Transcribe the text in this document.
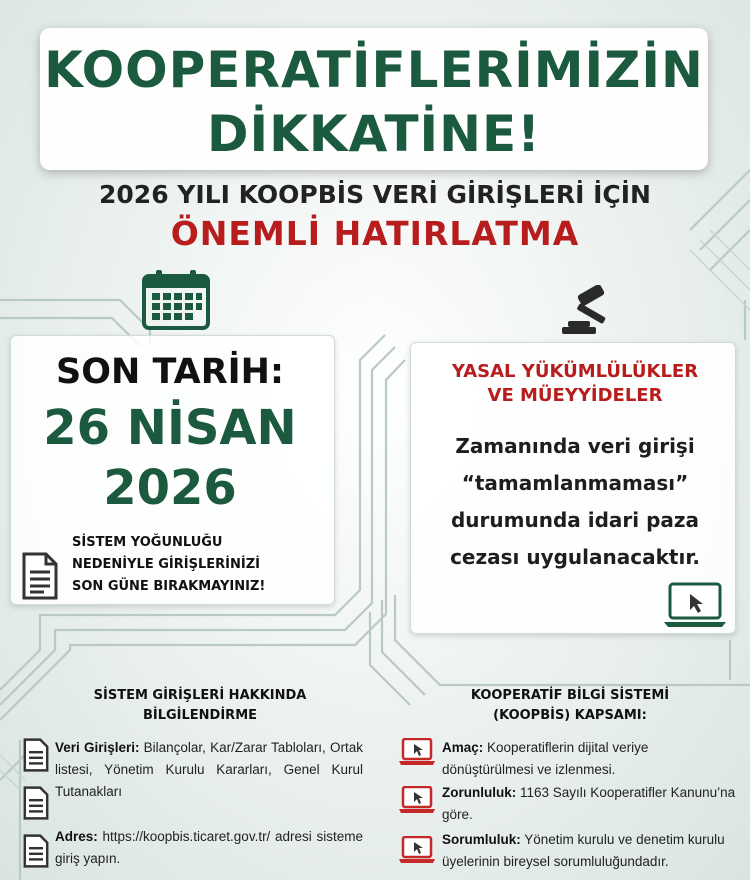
KOOPERATİFLERİMİZİN
DİKKATİNE!
2026 YILI KOOPBİS VERİ GİRİŞLERİ İÇİN
ÖNEMLİ HATIRLATMA
SON TARİH:
26 NİSAN
2026
SİSTEM YOĞUNLUĞU
NEDENİYLE GİRİŞLERİNİZİ
SON GÜNE BIRAKMAYINIZ!
YASAL YÜKÜMLÜLÜKLER
VE MÜEYYİDELER
Zamanında veri girişi
“tamamlanmaması”
durumunda idari paza
cezası uygulanacaktır.
SİSTEM GİRİŞLERİ HAKKINDA
BİLGİLENDİRME
Veri Girişleri: Bilançolar, Kar/Zarar Tabloları, Ortak listesi, Yönetim Kurulu Kararları, Genel Kurul Tutanakları
Adres: https://koopbis.ticaret.gov.tr/ adresi sisteme giriş yapın.
KOOPERATİF BİLGİ SİSTEMİ
(KOOPBİS) KAPSAMI:
Amaç: Kooperatiflerin dijital veriye dönüştürülmesi ve izlenmesi.
Zorunluluk: 1163 Sayılı Kooperatifler Kanunu’na göre.
Sorumluluk: Yönetim kurulu ve denetim kurulu üyelerinin bireysel sorumluluğundadır.
